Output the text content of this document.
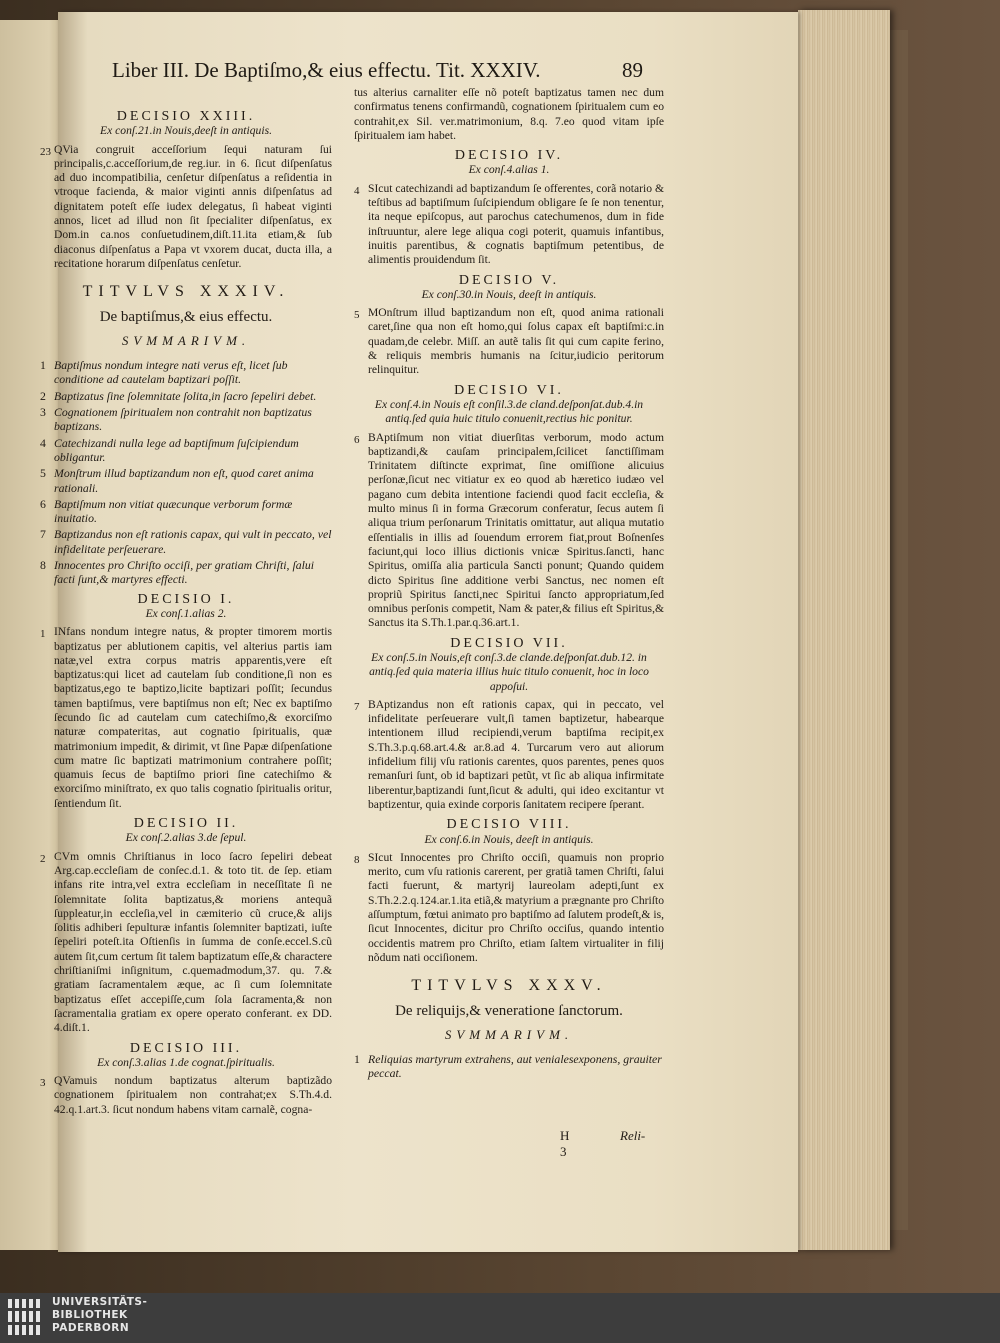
Liber III. De Baptiſmo,& eius effectu. Tit. XXXIV.	89

DECISIO XXIII.

Ex conſ.21.in Nouis,deeſt in antiquis.

23 QVia congruit acceſſorium ſequi naturam ſui principalis,c.acceſſorium,de reg.iur. in 6. ſicut diſpenſatus ad duo incompatibilia, cenſetur diſpenſatus a reſidentia in vtroque facienda, & maior viginti annis diſpenſatus ad dignitatem poteſt eſſe iudex delegatus, ſi habeat viginti annos, licet ad illud non ſit ſpecialiter diſpenſatus, ex Dom.in ca.nos conſuetudinem,diſt.11.ita etiam,& ſub diaconus diſpenſatus a Papa vt vxorem ducat, ducta illa, a recitatione horarum diſpenſatus cenſetur.

TITVLVS XXXIV.

De baptiſmus,& eius effectu.

SVMMARIVM.

1 Baptiſmus nondum integre nati verus eſt, licet ſub conditione ad cautelam baptizari poſſit.
2 Baptizatus ſine ſolemnitate ſolita,in ſacro ſepeliri debet.
3 Cognationem ſpiritualem non contrahit non baptizatus baptizans.
4 Catechizandi nulla lege ad baptiſmum ſuſcipiendum obligantur.
5 Monſtrum illud baptizandum non eſt, quod caret anima rationali.
6 Baptiſmum non vitiat quæcunque verborum formæ inuitatio.
7 Baptizandus non eſt rationis capax, qui vult in peccato, vel infidelitate perſeuerare.
8 Innocentes pro Chriſto occiſi, per gratiam Chriſti, ſalui facti ſunt,& martyres effecti.

DECISIO I.

Ex conſ.1.alias 2.

1 INfans nondum integre natus, & propter timorem mortis baptizatus per ablutionem capitis, vel alterius partis iam natæ,vel extra corpus matris apparentis,vere eſt baptizatus:qui licet ad cautelam ſub conditione,ſi non es baptizatus,ego te baptizo,licite baptizari poſſit; ſecundus tamen baptiſmus, vere baptiſmus non eſt; Nec ex baptiſmo ſecundo ſic ad cautelam cum catechiſmo,& exorciſmo naturæ compateritas, aut cognatio ſpiritualis, quæ matrimonium impedit, & dirimit, vt ſine Papæ diſpenſatione cum matre ſic baptizati matrimonium contrahere poſſit; quamuis ſecus de baptiſmo priori ſine catechiſmo & exorciſmo miniſtrato, ex quo talis cognatio ſpiritualis oritur, ſentiendum ſit.

DECISIO II.

Ex conſ.2.alias 3.de ſepul.

2 CVm omnis Chriſtianus in loco ſacro ſepeliri debeat Arg.cap.eccleſiam de conſec.d.1. & toto tit. de ſep. etiam infans rite intra,vel extra eccleſiam in neceſſitate ſi ne ſolemnitate ſolita baptizatus,& moriens antequã ſuppleatur,in eccleſia,vel in cæmiterio cũ cruce,& alijs ſolitis adhiberi ſepulturæ infantis ſolemniter baptizati, iuſte ſepeliri poteſt.ita Oſtienſis in ſumma de conſe.eccel.S.cũ autem ſit,cum certum ſit talem baptizatum eſſe,& characterе chriſtianiſmi inſignitum, c.quemadmodum,37. qu. 7.& gratiam ſacramentalem æque, ac ſi cum ſolemnitate baptizatus eſſet accepiſſe,cum ſola ſacramenta,& non ſacramentalia gratiam ex opere operato conferant. ex DD. 4.diſt.1.

DECISIO III.

Ex conſ.3.alias 1.de cognat.ſpiritualis.

3 QVamuis nondum baptizatus alterum baptizãdo cognationem ſpiritualem non contrahat;ex S.Th.4.d. 42.q.1.art.3. ſicut nondum habens vitam carnalẽ, cogna-

tus alterius carnaliter eſſe nõ poteſt baptizatus tamen nec dum confirmatus tenens confirmandũ, cognationem ſpiritualem cum eo contrahit,ex Sil. ver.matrimonium, 8.q. 7.eo quod vitam ipſe ſpiritualem iam habet.

DECISIO IV.

Ex conſ.4.alias 1.

4 SIcut catechizandi ad baptizandum ſe offerentes, corã notario & teſtibus ad baptiſmum ſuſcipiendum obligare ſe ſe non tenentur, ita neque epiſcopus, aut parochus catechumenos, dum in fide inſtruuntur, alere lege aliqua cogi poterit, quamuis infantibus, inuitis parentibus, & cognatis baptiſmum petentibus, de alimentis prouidendum ſit.

DECISIO V.

Ex conſ.30.in Nouis, deeſt in antiquis.

5 MOnſtrum illud baptizandum non eſt, quod anima rationali caret,ſine qua non eſt homo,qui ſolus capax eſt baptiſmi:c.in quadam,de celebr. Miſſ. an autẽ talis ſit qui cum capite ferino, & reliquis membris humanis na ſcitur,iudicio peritorum relinquitur.

DECISIO VI.

Ex conſ.4.in Nouis eſt conſil.3.de cland.deſponſat.dub.4.in antiq.ſed quia huic titulo conuenit,rectius hic ponitur.

6 BAptiſmum non vitiat diuerſitas verborum, modo actum baptizandi,& cauſam principalem,ſcilicet ſanctiſſimam Trinitatem diſtincte exprimat, ſine omiſſione alicuius perſonæ,ſicut nec vitiatur ex eo quod ab hæretico iudæo vel pagano cum debita intentione faciendi quod facit eccleſia, & multo minus ſi in forma Græcorum conferatur, ſecus autem ſi aliqua trium perſonarum Trinitatis omittatur, aut aliqua mutatio eſſentialis in illis ad ſouendum errorem fiat,prout Boſnenſes faciunt,qui loco illius dictionis vnicæ Spiritus.ſancti, hanc Spiritus, omiſſa alia particula Sancti ponunt; Quando quidem dicto Spiritus ſine additione verbi Sanctus, nec nomen eſt propriũ Spiritus ſancti,nec Spiritui ſancto appropriatum,ſed omnibus perſonis competit, Nam & pater,& filius eſt Spiritus,& Sanctus ita S.Th.1.par.q.36.art.1.

DECISIO VII.

Ex conſ.5.in Nouis,eſt conſ.3.de clande.deſponſat.dub.12. in antiq.ſed quia materia illius huic titulo conuenit, hoc in loco appoſui.

7 BAptizandus non eſt rationis capax, qui in peccato, vel infidelitate perſeuerare vult,ſi tamen baptizetur, habearque intentionem illud recipiendi,verum baptiſma recipit,ex S.Th.3.p.q.68.art.4.& ar.8.ad 4. Turcarum vero aut aliorum infidelium filij vſu rationis carentes, quos parentes, penes quos remanſuri ſunt, ob id baptizari petũt, vt ſic ab aliqua infirmitate liberentur,baptizandi ſunt,ſicut & adulti, qui ideo excitantur vt baptizentur, quia exinde corporis ſanitatem recipere ſperant.

DECISIO VIII.

Ex conſ.6.in Nouis, deeſt in antiquis.

8 SIcut Innocentes pro Chriſto occiſi, quamuis non proprio merito, cum vſu rationis carerent, per gratiã tamen Chriſti, ſalui facti fuerunt, & martyrij laureolam adepti,ſunt ex S.Th.2.2.q.124.ar.1.ita etiã,& matyrium a prægnante pro Chriſto aſſumptum, fœtui animato pro baptiſmo ad ſalutem prodeſt,& is, ſicut Innocentes, dicitur pro Chriſto occiſus, quando intentio occidentis matrem pro Chriſto, etiam ſaltem virtualiter in filij nõdum nati occiſionem.

TITVLVS XXXV.

De reliquijs,& veneratione ſanctorum.

SVMMARIVM.

1 Reliquias martyrum extrahens, aut venialesexponens, grauiter peccat.
H 3
Reli-
UNIVERSITÄTS-
BIBLIOTHEK
PADERBORN
